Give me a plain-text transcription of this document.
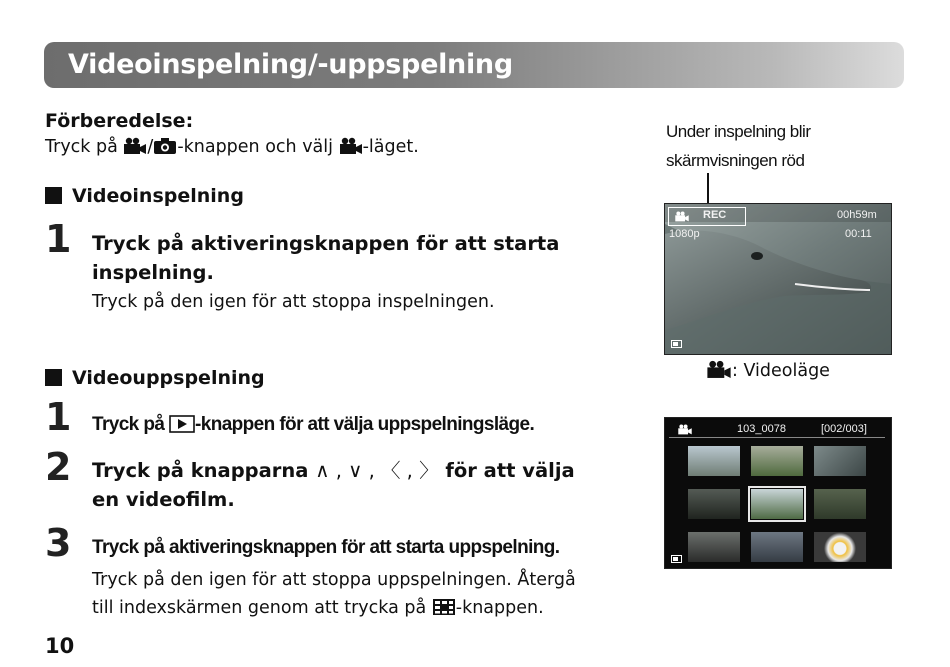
Videoinspelning/-uppspelning
Förberedelse:
Tryck på / -knappen och välj -läget.
Videoinspelning
1 Tryck på aktiveringsknappen för att starta
inspelning.
Tryck på den igen för att stoppa inspelningen.
Videouppspelning
1 Tryck på -knappen för att välja uppspelningsläge.
2 Tryck på knapparna ∧ , ∨ , 〈 , 〉 för att välja
en videofilm.
3 Tryck på aktiveringsknappen för att starta uppspelning.
Tryck på den igen för att stoppa uppspelningen. Återgå
till indexskärmen genom att trycka på -knappen.
10
Under inspelning blir
skärmvisningen röd
REC	00h59m
1080p	00:11
: Videoläge
103_0078	[002/003]
